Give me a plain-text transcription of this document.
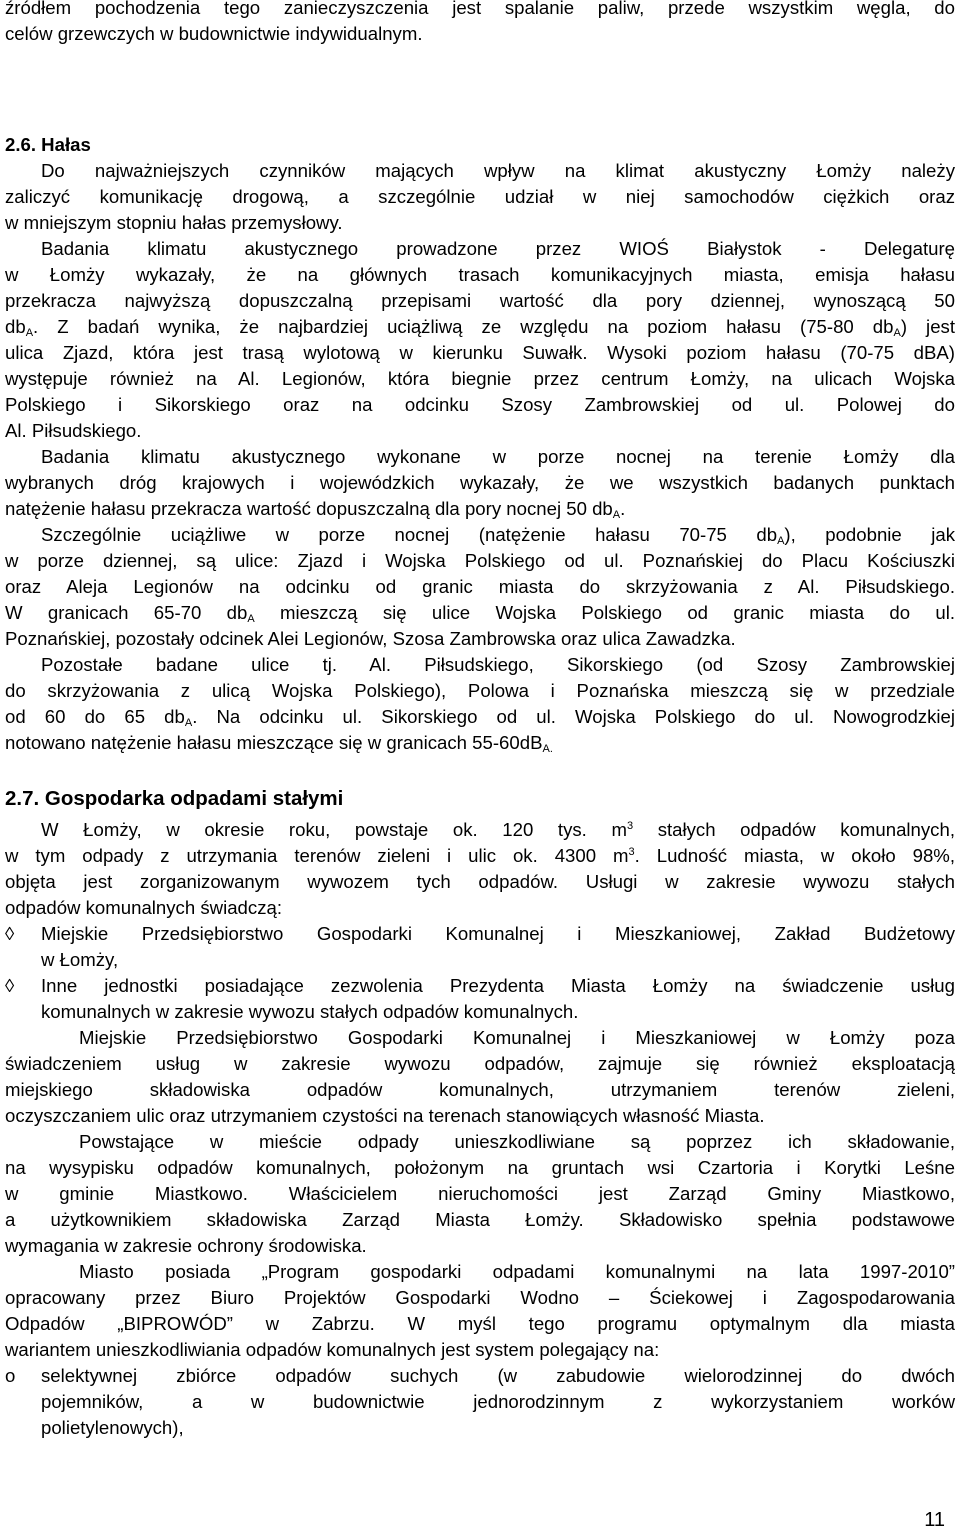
źródłem pochodzenia tego zanieczyszczenia jest spalanie paliw, przede wszystkim węgla, do
celów grzewczych w budownictwie indywidualnym.
2.6. Hałas
Do najważniejszych czynników mających wpływ na klimat akustyczny Łomży należy
zaliczyć komunikację drogową, a szczególnie udział w niej samochodów ciężkich oraz
w mniejszym stopniu hałas przemysłowy.
Badania klimatu akustycznego prowadzone przez WIOŚ Białystok - Delegaturę
w Łomży wykazały, że na głównych trasach komunikacyjnych miasta, emisja hałasu
przekracza najwyższą dopuszczalną przepisami wartość dla pory dziennej, wynoszącą 50
$db_A$. Z badań wynika, że najbardziej uciążliwą ze względu na poziom hałasu (75-80 $db_A$) jest
ulica Zjazd, która jest trasą wylotową w kierunku Suwałk. Wysoki poziom hałasu (70-75 dBA)
występuje również na Al. Legionów, która biegnie przez centrum Łomży, na ulicach Wojska
Polskiego i Sikorskiego oraz na odcinku Szosy Zambrowskiej od ul. Polowej do
Al. Piłsudskiego.
Badania klimatu akustycznego wykonane w porze nocnej na terenie Łomży dla
wybranych dróg krajowych i wojewódzkich wykazały, że we wszystkich badanych punktach
natężenie hałasu przekracza wartość dopuszczalną dla pory nocnej 50 $db_A$.
Szczególnie uciążliwe w porze nocnej (natężenie hałasu 70-75 $db_A$), podobnie jak
w porze dziennej, są ulice: Zjazd i Wojska Polskiego od ul. Poznańskiej do Placu Kościuszki
oraz Aleja Legionów na odcinku od granic miasta do skrzyżowania z Al. Piłsudskiego.
W granicach 65-70 $db_A$ mieszczą się ulice Wojska Polskiego od granic miasta do ul.
Poznańskiej, pozostały odcinek Alei Legionów, Szosa Zambrowska oraz ulica Zawadzka.
Pozostałe badane ulice tj. Al. Piłsudskiego, Sikorskiego (od Szosy Zambrowskiej
do skrzyżowania z ulicą Wojska Polskiego), Polowa i Poznańska mieszczą się w przedziale
od 60 do 65 $db_A$. Na odcinku ul. Sikorskiego od ul. Wojska Polskiego do ul. Nowogrodzkiej
notowano natężenie hałasu mieszczące się w granicach $55-60dB_{A.}$
2.7. Gospodarka odpadami stałymi
W Łomży, w okresie roku, powstaje ok. 120 tys. $m^3$ stałych odpadów komunalnych,
w tym odpady z utrzymania terenów zieleni i ulic ok. 4300 $m^3$. Ludność miasta, w około 98%,
objęta jest zorganizowanym wywozem tych odpadów. Usługi w zakresie wywozu stałych
odpadów komunalnych świadczą:
◊	Miejskie Przedsiębiorstwo Gospodarki Komunalnej i Mieszkaniowej, Zakład Budżetowy
w Łomży,
◊	Inne jednostki posiadające zezwolenia Prezydenta Miasta Łomży na świadczenie usług
komunalnych w zakresie wywozu stałych odpadów komunalnych.
Miejskie Przedsiębiorstwo Gospodarki Komunalnej i Mieszkaniowej w Łomży poza
świadczeniem usług w zakresie wywozu odpadów, zajmuje się również eksploatacją
miejskiego składowiska odpadów komunalnych, utrzymaniem terenów zieleni,
oczyszczaniem ulic oraz utrzymaniem czystości na terenach stanowiących własność Miasta.
Powstające w mieście odpady unieszkodliwiane są poprzez ich składowanie,
na wysypisku odpadów komunalnych, położonym na gruntach wsi Czartoria i Korytki Leśne
w gminie Miastkowo. Właścicielem nieruchomości jest Zarząd Gminy Miastkowo,
a użytkownikiem składowiska Zarząd Miasta Łomży. Składowisko spełnia podstawowe
wymagania w zakresie ochrony środowiska.
Miasto posiada „Program gospodarki odpadami komunalnymi na lata 1997-2010”
opracowany przez Biuro Projektów Gospodarki Wodno – Ściekowej i Zagospodarowania
Odpadów „BIPROWÓD” w Zabrzu. W myśl tego programu optymalnym dla miasta
wariantem unieszkodliwiania odpadów komunalnych jest system polegający na:
o	selektywnej zbiórce odpadów suchych (w zabudowie wielorodzinnej do dwóch
pojemników, a w budownictwie jednorodzinnym z wykorzystaniem worków
polietylenowych),
11
